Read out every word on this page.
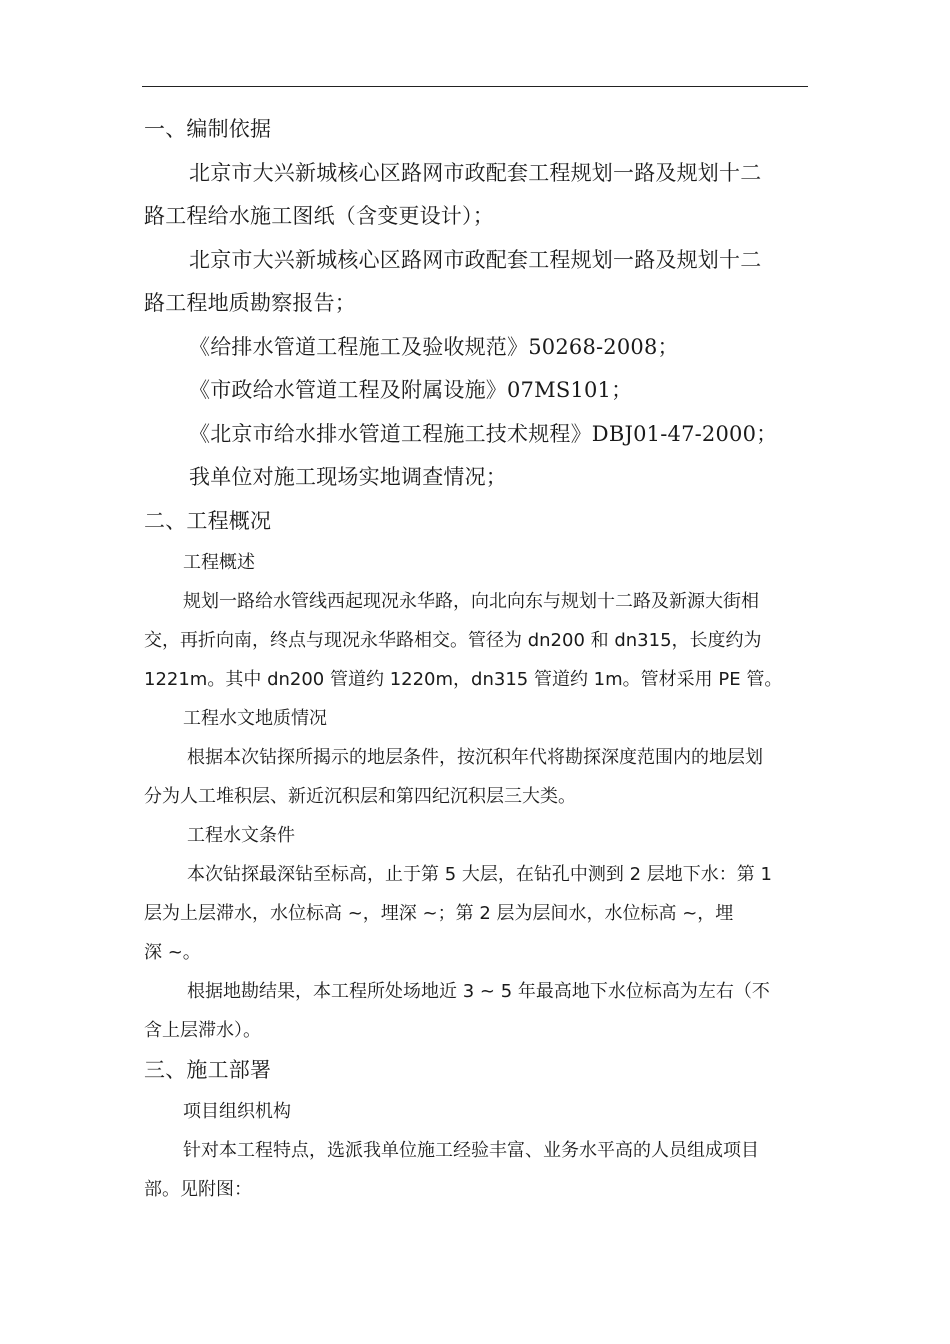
一、编制依据
北京市大兴新城核心区路网市政配套工程规划一路及规划十二
路工程给水施工图纸（含变更设计）；
北京市大兴新城核心区路网市政配套工程规划一路及规划十二
路工程地质勘察报告；
《给排水管道工程施工及验收规范》50268-2008；
《市政给水管道工程及附属设施》07MS101；
《北京市给水排水管道工程施工技术规程》DBJ01-47-2000；
我单位对施工现场实地调查情况；
二、工程概况
工程概述
规划一路给水管线西起现况永华路，向北向东与规划十二路及新源大街相
交，再折向南，终点与现况永华路相交。管径为 dn200 和 dn315，长度约为
1221m。其中 dn200 管道约 1220m，dn315 管道约 1m。管材采用 PE 管。
工程水文地质情况
根据本次钻探所揭示的地层条件，按沉积年代将勘探深度范围内的地层划
分为人工堆积层、新近沉积层和第四纪沉积层三大类。
工程水文条件
本次钻探最深钻至标高，止于第 5 大层，在钻孔中测到 2 层地下水：第 1
层为上层滞水，水位标高 ~，埋深 ~；第 2 层为层间水，水位标高 ~，埋
深 ~。
根据地勘结果，本工程所处场地近 3 ~ 5 年最高地下水位标高为左右（不
含上层滞水）。
三、施工部署
项目组织机构
针对本工程特点，选派我单位施工经验丰富、业务水平高的人员组成项目
部。见附图：
